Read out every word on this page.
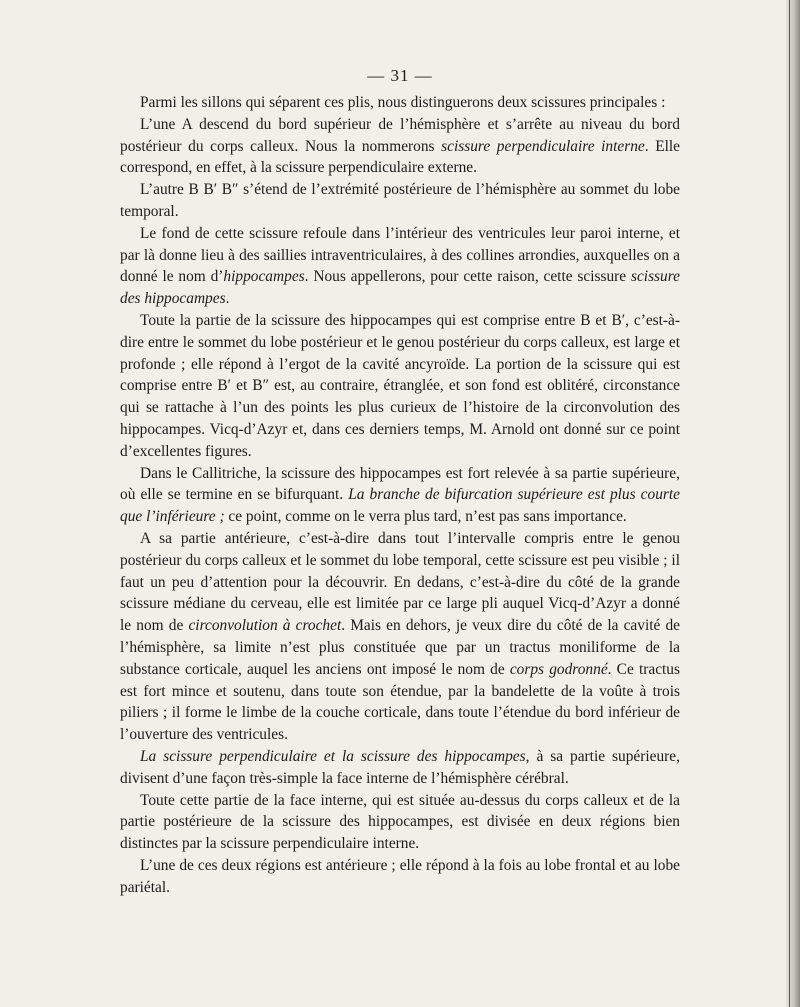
— 31 —

Parmi les sillons qui séparent ces plis, nous distinguerons deux scissures principales :

L’une A descend du bord supérieur de l’hémisphère et s’arrête au niveau du bord postérieur du corps calleux. Nous la nommerons scissure perpendiculaire interne. Elle correspond, en effet, à la scissure perpendiculaire externe.

L’autre B B′ B″ s’étend de l’extrémité postérieure de l’hémisphère au sommet du lobe temporal.

Le fond de cette scissure refoule dans l’intérieur des ventricules leur paroi interne, et par là donne lieu à des saillies intraventriculaires, à des collines arrondies, auxquelles on a donné le nom d’hippocampes. Nous appellerons, pour cette raison, cette scissure scissure des hippocampes.

Toute la partie de la scissure des hippocampes qui est comprise entre B et B′, c’est-à-dire entre le sommet du lobe postérieur et le genou postérieur du corps calleux, est large et profonde ; elle répond à l’ergot de la cavité ancyroïde. La portion de la scissure qui est comprise entre B′ et B″ est, au contraire, étranglée, et son fond est oblitéré, circonstance qui se rattache à l’un des points les plus curieux de l’histoire de la circonvolution des hippocampes. Vicq-d’Azyr et, dans ces derniers temps, M. Arnold ont donné sur ce point d’excellentes figures.

Dans le Callitriche, la scissure des hippocampes est fort relevée à sa partie supérieure, où elle se termine en se bifurquant. La branche de bifurcation supérieure est plus courte que l’inférieure ; ce point, comme on le verra plus tard, n’est pas sans importance.

A sa partie antérieure, c’est-à-dire dans tout l’intervalle compris entre le genou postérieur du corps calleux et le sommet du lobe temporal, cette scissure est peu visible ; il faut un peu d’attention pour la découvrir. En dedans, c’est-à-dire du côté de la grande scissure médiane du cerveau, elle est limitée par ce large pli auquel Vicq-d’Azyr a donné le nom de circonvolution à crochet. Mais en dehors, je veux dire du côté de la cavité de l’hémisphère, sa limite n’est plus constituée que par un tractus moniliforme de la substance corticale, auquel les anciens ont imposé le nom de corps godronné. Ce tractus est fort mince et soutenu, dans toute son étendue, par la bandelette de la voûte à trois piliers ; il forme le limbe de la couche corticale, dans toute l’étendue du bord inférieur de l’ouverture des ventricules.

La scissure perpendiculaire et la scissure des hippocampes, à sa partie supérieure, divisent d’une façon très-simple la face interne de l’hémisphère cérébral.

Toute cette partie de la face interne, qui est située au-dessus du corps calleux et de la partie postérieure de la scissure des hippocampes, est divisée en deux régions bien distinctes par la scissure perpendiculaire interne.

L’une de ces deux régions est antérieure ; elle répond à la fois au lobe frontal et au lobe pariétal.
